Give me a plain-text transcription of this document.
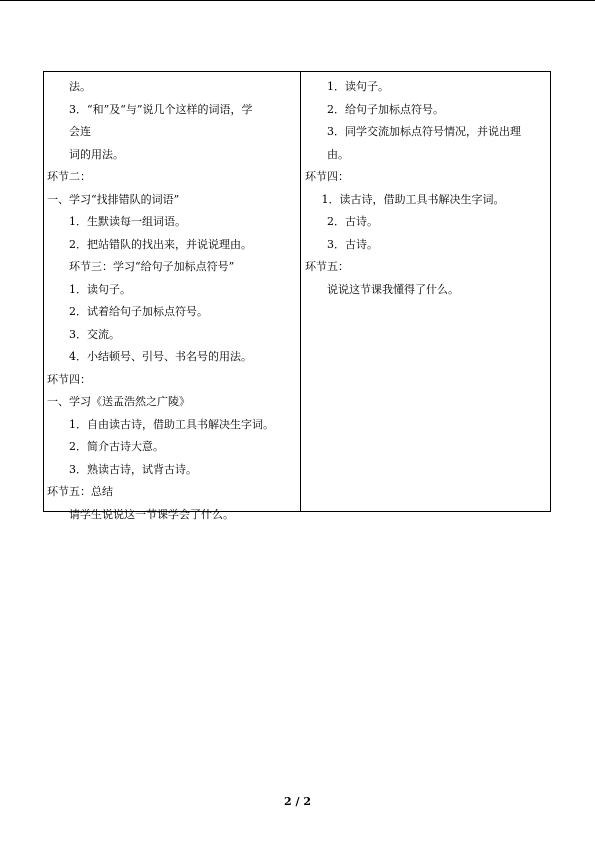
法。
3．“和”及“与”说几个这样的词语，学
会连
词的用法。
环节二：
一、学习“找排错队的词语”
1．生默读每一组词语。
2．把站错队的找出来，并说说理由。
环节三：学习“给句子加标点符号”
1．读句子。
2．试着给句子加标点符号。
3．交流。
4．小结顿号、引号、书名号的用法。
环节四：
一、学习《送孟浩然之广陵》
1．自由读古诗，借助工具书解决生字词。
2．简介古诗大意。
3．熟读古诗，试背古诗。
环节五：总结
请学生说说这一节课学会了什么。
1．读句子。
2．给句子加标点符号。
3．同学交流加标点符号情况，并说出理
由。
环节四：
1．读古诗，借助工具书解决生字词。
2．古诗。
3．古诗。
环节五：
说说这节课我懂得了什么。
2 / 2
